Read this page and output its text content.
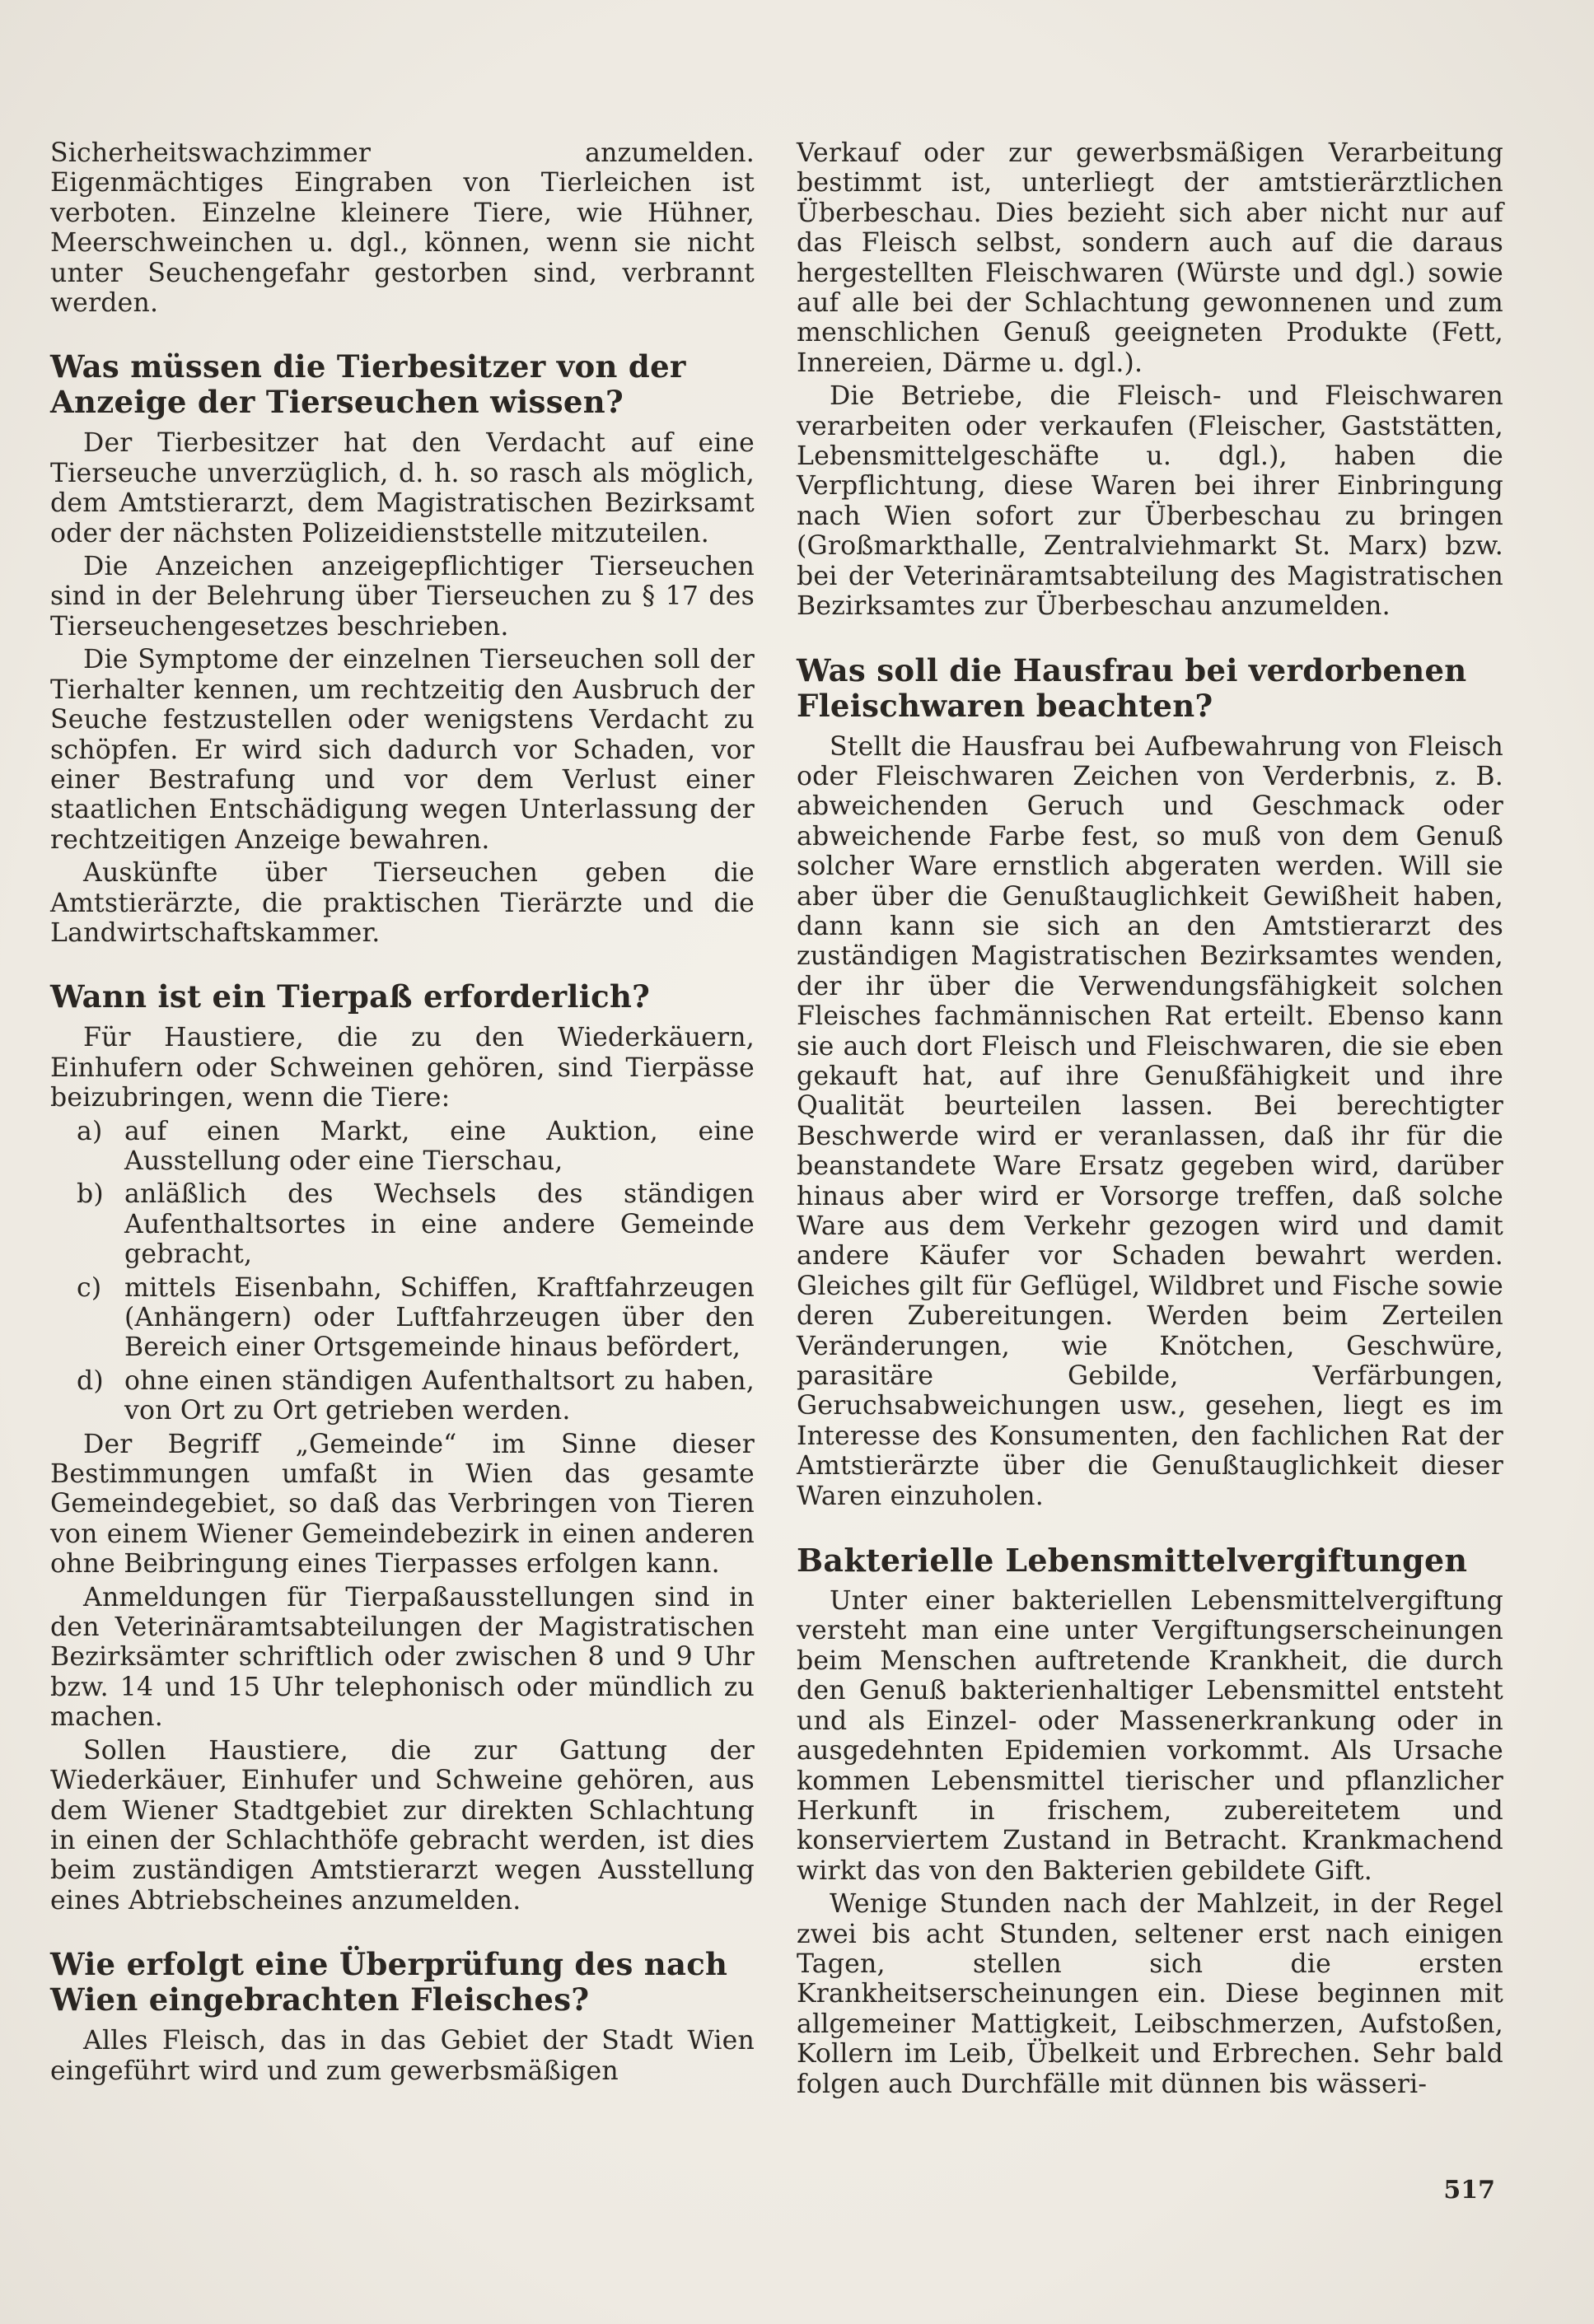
Sicherheitswachzimmer anzumelden. Eigenmächtiges Eingraben von Tierleichen ist verboten. Einzelne kleinere Tiere, wie Hühner, Meerschweinchen u. dgl., können, wenn sie nicht unter Seuchengefahr gestorben sind, verbrannt werden.

Was müssen die Tierbesitzer von der Anzeige der Tierseuchen wissen?

Der Tierbesitzer hat den Verdacht auf eine Tierseuche unverzüglich, d. h. so rasch als möglich, dem Amtstierarzt, dem Magistratischen Bezirksamt oder der nächsten Polizeidienststelle mitzuteilen.

Die Anzeichen anzeigepflichtiger Tierseuchen sind in der Belehrung über Tierseuchen zu § 17 des Tierseuchengesetzes beschrieben.

Die Symptome der einzelnen Tierseuchen soll der Tierhalter kennen, um rechtzeitig den Ausbruch der Seuche festzustellen oder wenigstens Verdacht zu schöpfen. Er wird sich dadurch vor Schaden, vor einer Bestrafung und vor dem Verlust einer staatlichen Entschädigung wegen Unterlassung der rechtzeitigen Anzeige bewahren.

Auskünfte über Tierseuchen geben die Amtstierärzte, die praktischen Tierärzte und die Landwirtschaftskammer.

Wann ist ein Tierpaß erforderlich?

Für Haustiere, die zu den Wiederkäuern, Einhufern oder Schweinen gehören, sind Tierpässe beizubringen, wenn die Tiere:

a) auf einen Markt, eine Auktion, eine Ausstellung oder eine Tierschau,
b) anläßlich des Wechsels des ständigen Aufenthaltsortes in eine andere Gemeinde gebracht,
c) mittels Eisenbahn, Schiffen, Kraftfahrzeugen (Anhängern) oder Luftfahrzeugen über den Bereich einer Ortsgemeinde hinaus befördert,
d) ohne einen ständigen Aufenthaltsort zu haben, von Ort zu Ort getrieben werden.

Der Begriff „Gemeinde“ im Sinne dieser Bestimmungen umfaßt in Wien das gesamte Gemeindegebiet, so daß das Verbringen von Tieren von einem Wiener Gemeindebezirk in einen anderen ohne Beibringung eines Tierpasses erfolgen kann.

Anmeldungen für Tierpaßausstellungen sind in den Veterinäramtsabteilungen der Magistratischen Bezirksämter schriftlich oder zwischen 8 und 9 Uhr bzw. 14 und 15 Uhr telephonisch oder mündlich zu machen.

Sollen Haustiere, die zur Gattung der Wiederkäuer, Einhufer und Schweine gehören, aus dem Wiener Stadtgebiet zur direkten Schlachtung in einen der Schlachthöfe gebracht werden, ist dies beim zuständigen Amtstierarzt wegen Ausstellung eines Abtriebscheines anzumelden.

Wie erfolgt eine Überprüfung des nach Wien eingebrachten Fleisches?

Alles Fleisch, das in das Gebiet der Stadt Wien eingeführt wird und zum gewerbsmäßigen

Verkauf oder zur gewerbsmäßigen Verarbeitung bestimmt ist, unterliegt der amtstierärztlichen Überbeschau. Dies bezieht sich aber nicht nur auf das Fleisch selbst, sondern auch auf die daraus hergestellten Fleischwaren (Würste und dgl.) sowie auf alle bei der Schlachtung gewonnenen und zum menschlichen Genuß geeigneten Produkte (Fett, Innereien, Därme u. dgl.).

Die Betriebe, die Fleisch- und Fleischwaren verarbeiten oder verkaufen (Fleischer, Gaststätten, Lebensmittelgeschäfte u. dgl.), haben die Verpflichtung, diese Waren bei ihrer Einbringung nach Wien sofort zur Überbeschau zu bringen (Großmarkthalle, Zentralviehmarkt St. Marx) bzw. bei der Veterinäramtsabteilung des Magistratischen Bezirksamtes zur Überbeschau anzumelden.

Was soll die Hausfrau bei verdorbenen Fleischwaren beachten?

Stellt die Hausfrau bei Aufbewahrung von Fleisch oder Fleischwaren Zeichen von Verderbnis, z. B. abweichenden Geruch und Geschmack oder abweichende Farbe fest, so muß von dem Genuß solcher Ware ernstlich abgeraten werden. Will sie aber über die Genußtauglichkeit Gewißheit haben, dann kann sie sich an den Amtstierarzt des zuständigen Magistratischen Bezirksamtes wenden, der ihr über die Verwendungsfähigkeit solchen Fleisches fachmännischen Rat erteilt. Ebenso kann sie auch dort Fleisch und Fleischwaren, die sie eben gekauft hat, auf ihre Genußfähigkeit und ihre Qualität beurteilen lassen. Bei berechtigter Beschwerde wird er veranlassen, daß ihr für die beanstandete Ware Ersatz gegeben wird, darüber hinaus aber wird er Vorsorge treffen, daß solche Ware aus dem Verkehr gezogen wird und damit andere Käufer vor Schaden bewahrt werden. Gleiches gilt für Geflügel, Wildbret und Fische sowie deren Zubereitungen. Werden beim Zerteilen Veränderungen, wie Knötchen, Geschwüre, parasitäre Gebilde, Verfärbungen, Geruchsabweichungen usw., gesehen, liegt es im Interesse des Konsumenten, den fachlichen Rat der Amtstierärzte über die Genußtauglichkeit dieser Waren einzuholen.

Bakterielle Lebensmittelvergiftungen

Unter einer bakteriellen Lebensmittelvergiftung versteht man eine unter Vergiftungserscheinungen beim Menschen auftretende Krankheit, die durch den Genuß bakterienhaltiger Lebensmittel entsteht und als Einzel- oder Massenerkrankung oder in ausgedehnten Epidemien vorkommt. Als Ursache kommen Lebensmittel tierischer und pflanzlicher Herkunft in frischem, zubereitetem und konserviertem Zustand in Betracht. Krankmachend wirkt das von den Bakterien gebildete Gift.

Wenige Stunden nach der Mahlzeit, in der Regel zwei bis acht Stunden, seltener erst nach einigen Tagen, stellen sich die ersten Krankheitserscheinungen ein. Diese beginnen mit allgemeiner Mattigkeit, Leibschmerzen, Aufstoßen, Kollern im Leib, Übelkeit und Erbrechen. Sehr bald folgen auch Durchfälle mit dünnen bis wässeri-

517
